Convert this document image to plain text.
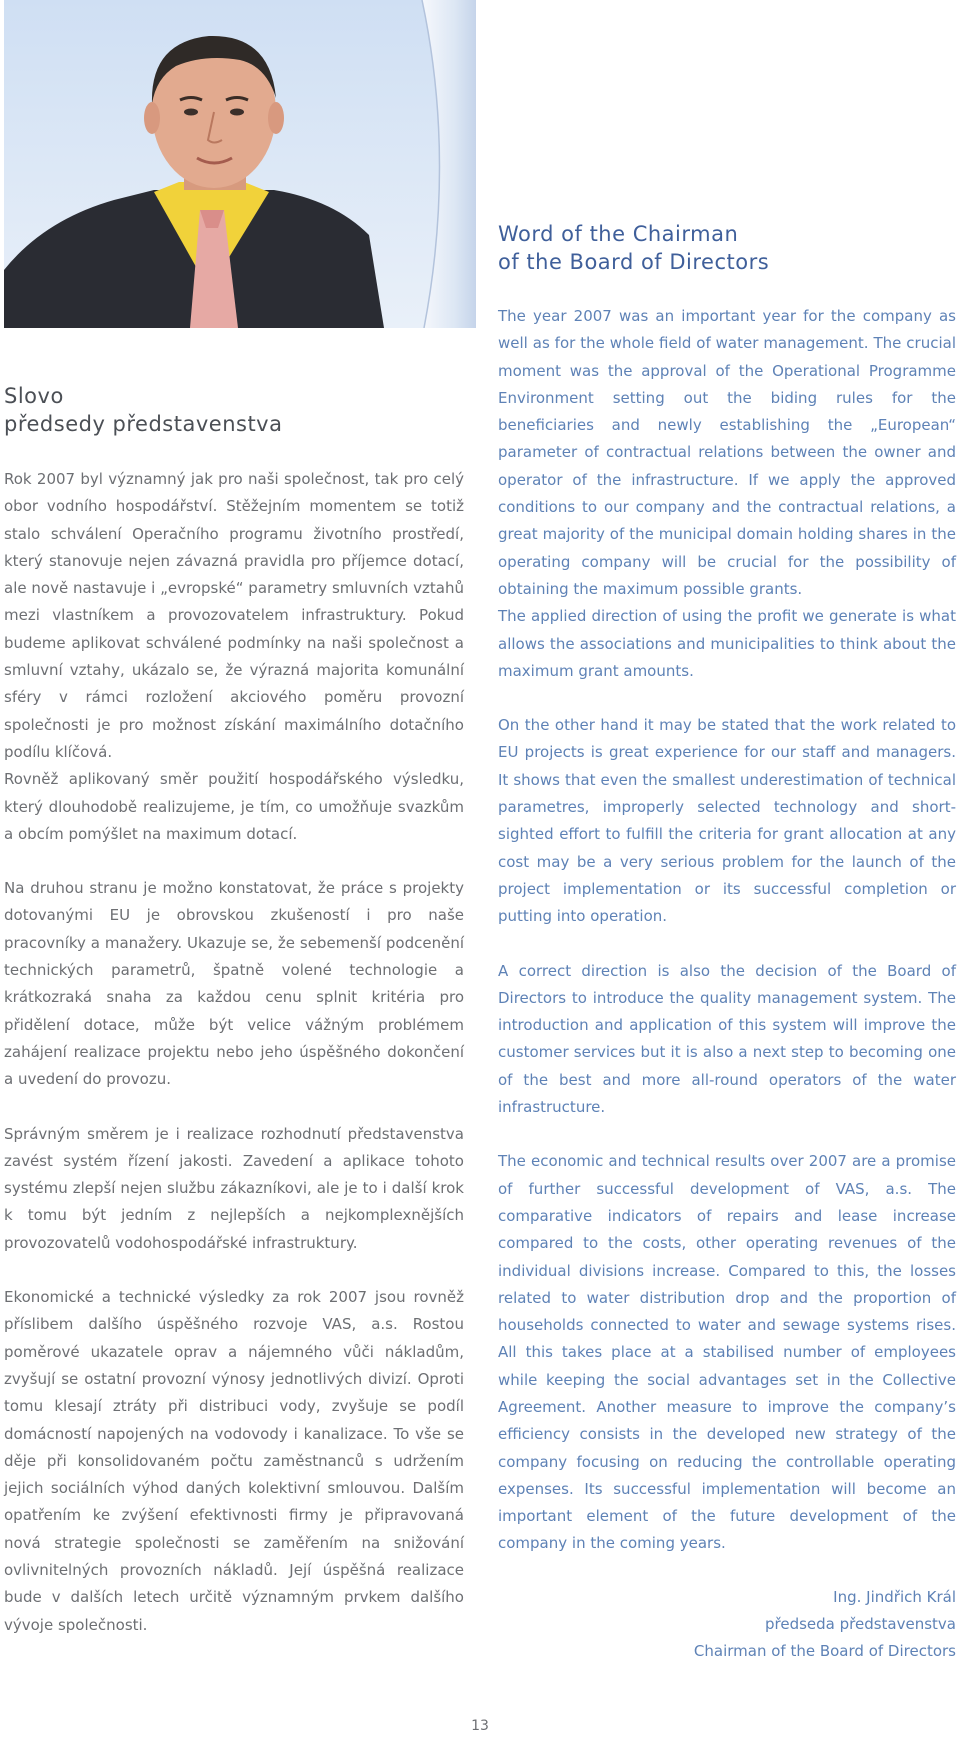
Slovo
předsedy představenstva
Word of the Chairman
of the Board of Directors

Rok 2007 byl významný jak pro naši společnost, tak pro celý obor vodního hospodářství. Stěžejním momentem se totiž stalo schválení Operačního programu životního prostředí, který stanovuje nejen závazná pravidla pro příjemce dotací, ale nově nastavuje i „evropské“ parametry smluvních vztahů mezi vlastníkem a provozovatelem infrastruktury. Pokud budeme aplikovat schválené podmínky na naši společnost a smluvní vztahy, ukázalo se, že výrazná majorita komunální sféry v rámci rozložení akciového poměru provozní společnosti je pro možnost získání maximálního dotačního podílu klíčová.

Rovněž aplikovaný směr použití hospodářského výsledku, který dlouhodobě realizujeme, je tím, co umožňuje svazkům a obcím pomýšlet na maximum dotací.

Na druhou stranu je možno konstatovat, že práce s projekty dotovanými EU je obrovskou zkušeností i pro naše pracovníky a manažery. Ukazuje se, že sebemenší podcenění technických parametrů, špatně volené technologie a krátkozraká snaha za každou cenu splnit kritéria pro přidělení dotace, může být velice vážným problémem zahájení realizace projektu nebo jeho úspěšného dokončení a uvedení do provozu.

Správným směrem je i realizace rozhodnutí představenstva zavést systém řízení jakosti. Zavedení a aplikace tohoto systému zlepší nejen službu zákazníkovi, ale je to i další krok k tomu být jedním z nejlepších a nejkomplexnějších provozovatelů vodohospodářské infrastruktury.

Ekonomické a technické výsledky za rok 2007 jsou rovněž příslibem dalšího úspěšného rozvoje VAS, a.s. Rostou poměrové ukazatele oprav a nájemného vůči nákladům, zvyšují se ostatní provozní výnosy jednotlivých divizí. Oproti tomu klesají ztráty při distribuci vody, zvyšuje se podíl domácností napojených na vodovody i kanalizace. To vše se děje při konsolidovaném počtu zaměstnanců s udržením jejich sociálních výhod daných kolektivní smlouvou. Dalším opatřením ke zvýšení efektivnosti firmy je připravovaná nová strategie společnosti se zaměřením na snižování ovlivnitelných provozních nákladů. Její úspěšná realizace bude v dalších letech určitě významným prvkem dalšího vývoje společnosti.

The year 2007 was an important year for the company as well as for the whole field of water management. The crucial moment was the approval of the Operational Programme Environment setting out the biding rules for the beneficiaries and newly establishing the „European“ parameter of contractual relations between the owner and operator of the infrastructure. If we apply the approved conditions to our company and the contractual relations, a great majority of the municipal domain holding shares in the operating company will be crucial for the possibility of obtaining the maximum possible grants.

The applied direction of using the profit we generate is what allows the associations and municipalities to think about the maximum grant amounts.

On the other hand it may be stated that the work related to EU projects is great experience for our staff and managers. It shows that even the smallest underestimation of technical parametres, improperly selected technology and short-sighted effort to fulfill the criteria for grant allocation at any cost may be a very serious problem for the launch of the project implementation or its successful completion or putting into operation.

A correct direction is also the decision of the Board of Directors to introduce the quality management system. The introduction and application of this system will improve the customer services but it is also a next step to becoming one of the best and more all-round operators of the water infrastructure.

The economic and technical results over 2007 are a promise of further successful development of VAS, a.s. The comparative indicators of repairs and lease increase compared to the costs, other operating revenues of the individual divisions increase. Compared to this, the losses related to water distribution drop and the proportion of households connected to water and sewage systems rises. All this takes place at a stabilised number of employees while keeping the social advantages set in the Collective Agreement. Another measure to improve the company’s efficiency consists in the developed new strategy of the company focusing on reducing the controllable operating expenses. Its successful implementation will become an important element of the future development of the company in the coming years.

Ing. Jindřich Král
předseda představenstva
Chairman of the Board of Directors
13
